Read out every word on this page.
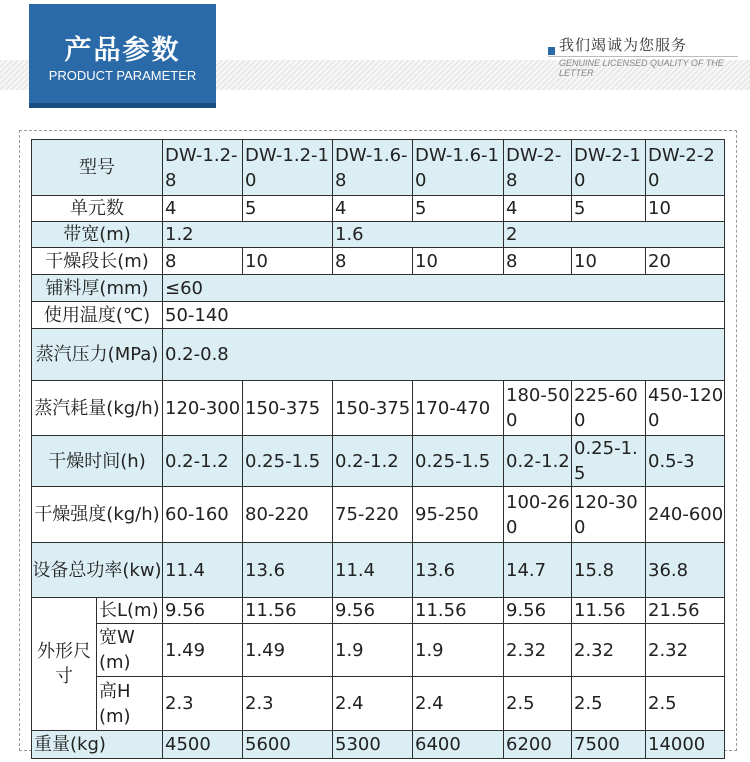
产品参数
PRODUCT PARAMETER
我们竭诚为您服务
GENUINE LICENSED QUALITY OF THE LETTER
型号		DW-1.2-8	DW-1.2-10	DW-1.6-8	DW-1.6-10	DW-2-8	DW-2-10	DW-2-20
单元数		4	5	4	5	4	5	10
带宽(m)		1.2		1.6		2		
干燥段长(m)		8	10	8	10	8	10	20
铺料厚(mm)		≤60						
使用温度(℃)		50-140						
蒸汽压力(MPa)		0.2-0.8						
蒸汽耗量(kg/h)		120-300	150-375	150-375	170-470	180-500	225-600	450-1200
干燥时间(h)		0.2-1.2	0.25-1.5	0.2-1.2	0.25-1.5	0.2-1.2	0.25-1.5	0.5-3
干燥强度(kg/h)		60-160	80-220	75-220	95-250	100-260	120-300	240-600
设备总功率(kw)		11.4	13.6	11.4	13.6	14.7	15.8	36.8
外形尺寸	长L(m)	9.56	11.56	9.56	11.56	9.56	11.56	21.56
	宽W(m)	1.49	1.49	1.9	1.9	2.32	2.32	2.32
	高H(m)	2.3	2.3	2.4	2.4	2.5	2.5	2.5
重量(kg)		4500	5600	5300	6400	6200	7500	14000
